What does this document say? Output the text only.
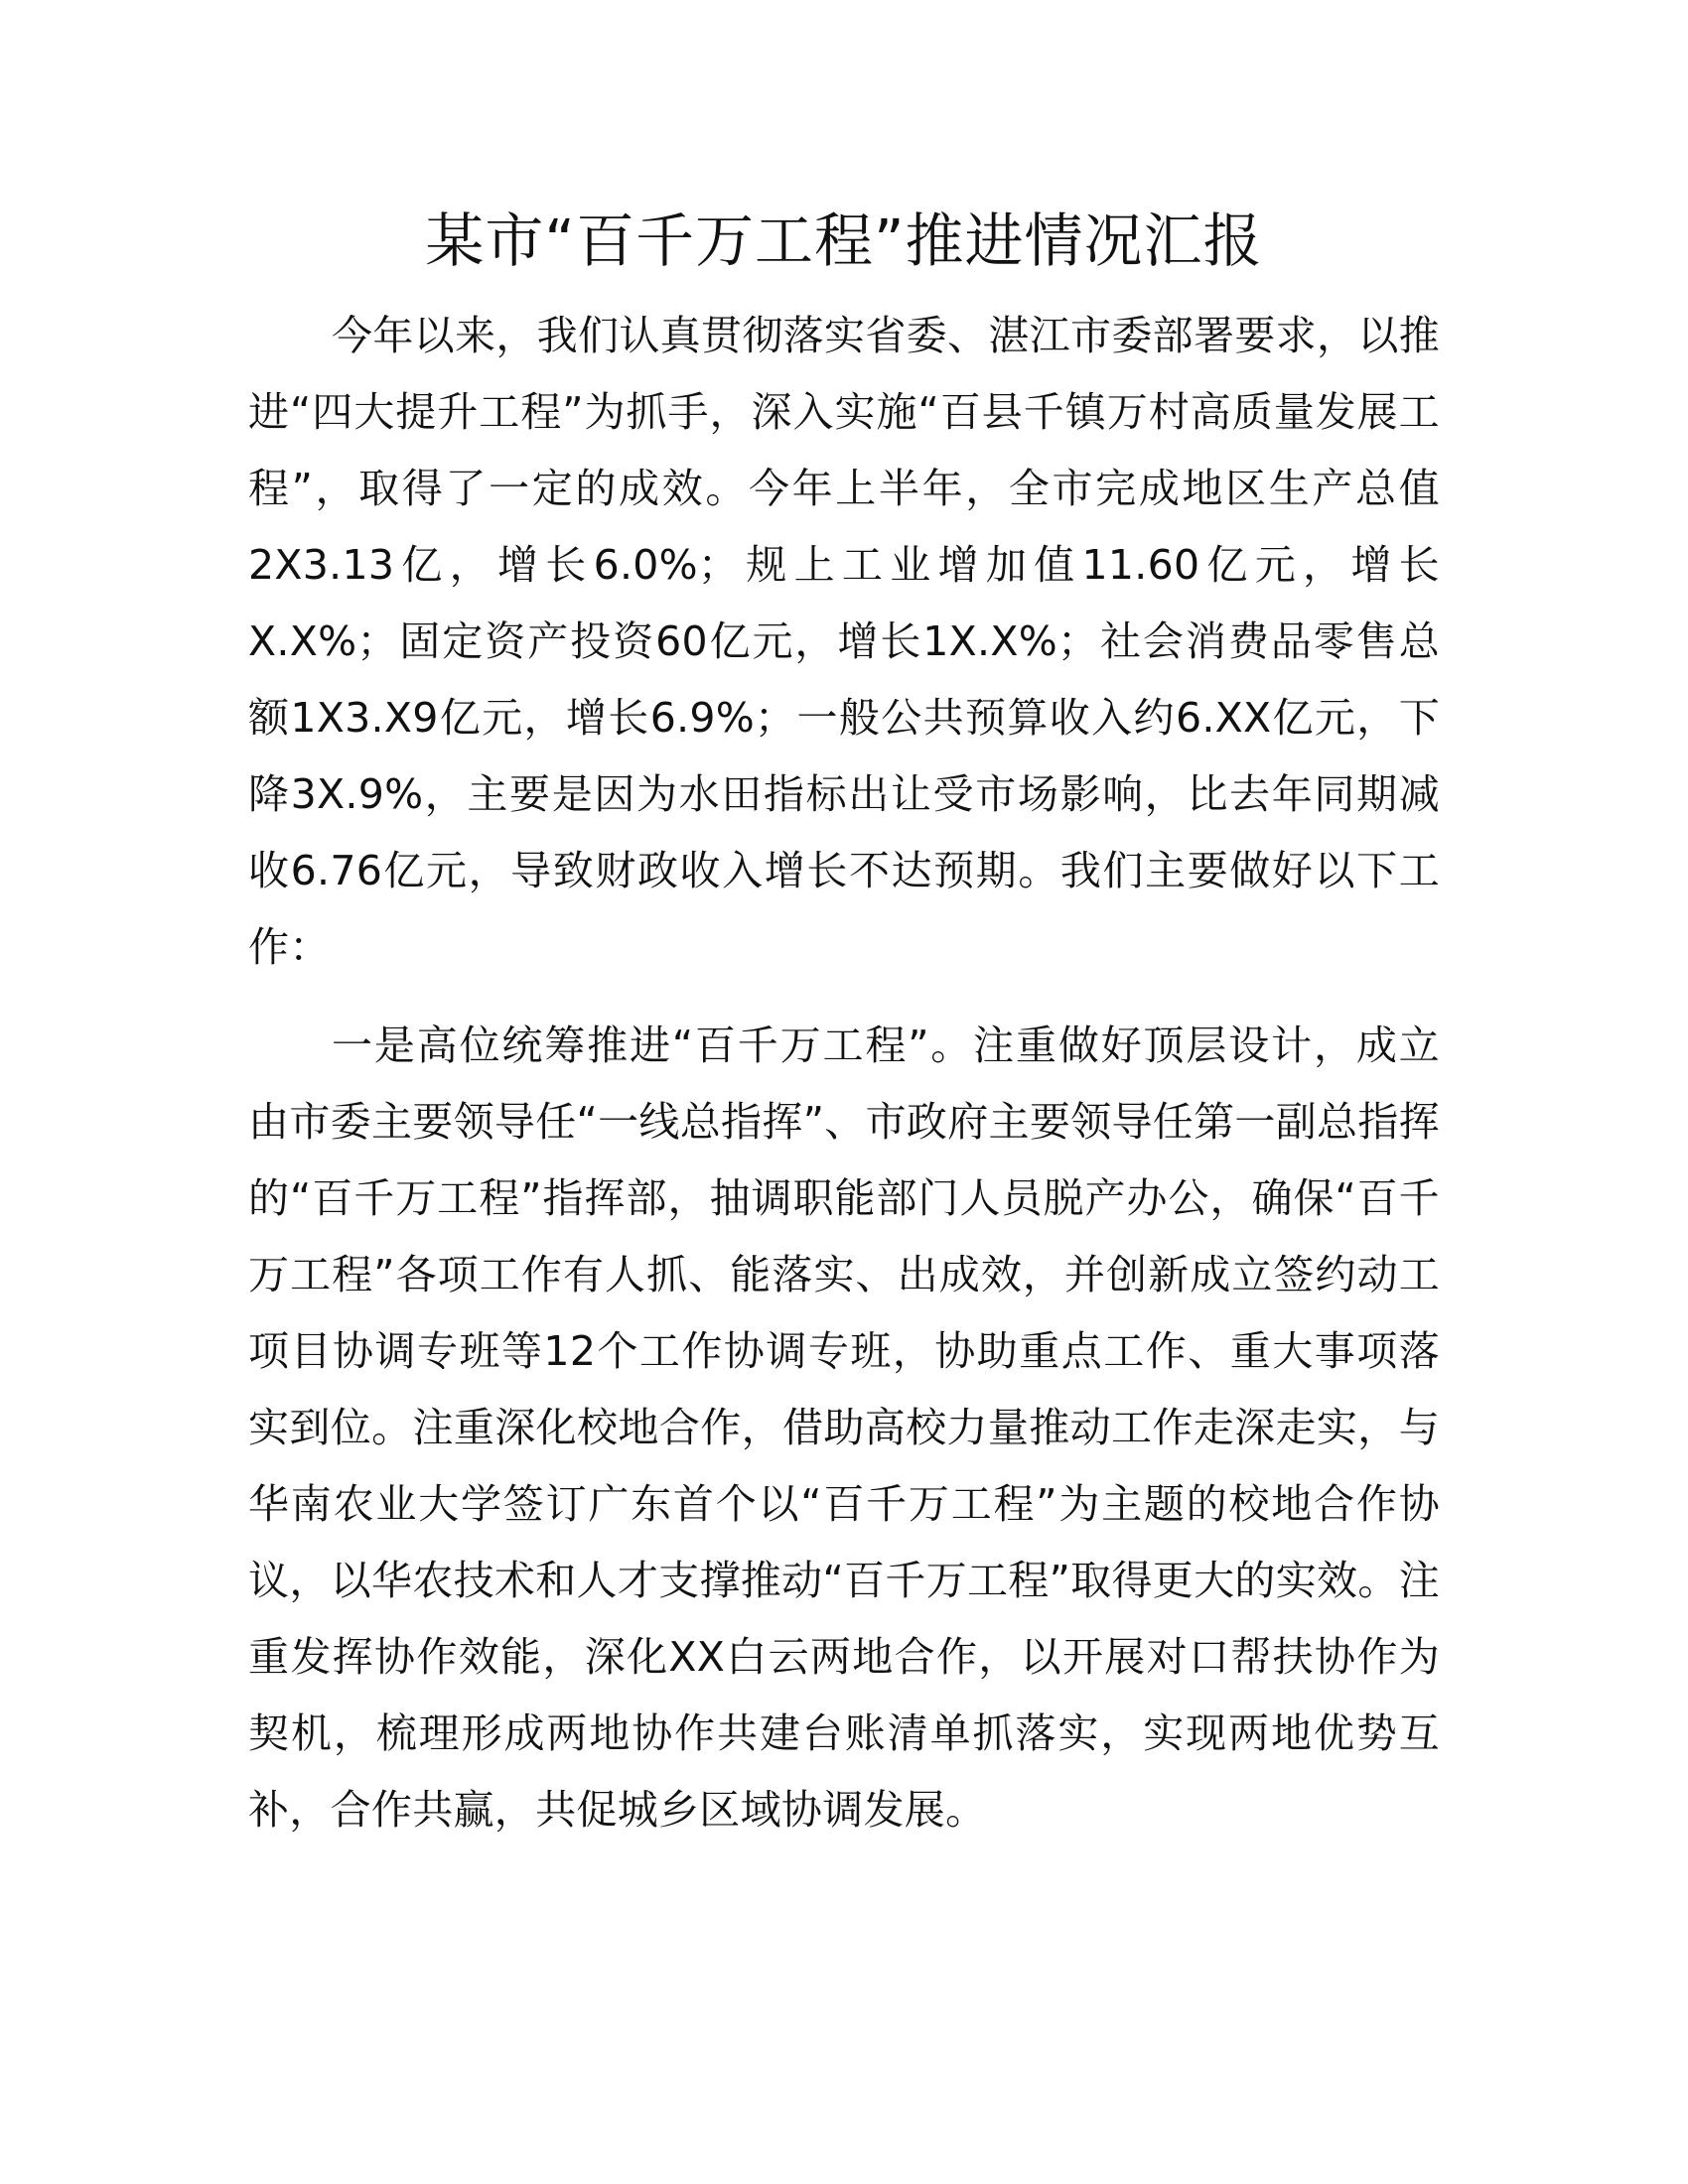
某市“百千万工程”推进情况汇报

今年以来，我们认真贯彻落实省委、湛江市委部署要求，以推进“四大提升工程”为抓手，深入实施“百县千镇万村高质量发展工程”，取得了一定的成效。今年上半年，全市完成地区生产总值2X3.13亿，增长6.0%；规上工业增加值11.60亿元，增长X.X%；固定资产投资60亿元，增长1X.X%；社会消费品零售总额1X3.X9亿元，增长6.9%；一般公共预算收入约6.XX亿元，下降3X.9%，主要是因为水田指标出让受市场影响，比去年同期减收6.76亿元，导致财政收入增长不达预期。我们主要做好以下工作：

一是高位统筹推进“百千万工程”。注重做好顶层设计，成立由市委主要领导任“一线总指挥”、市政府主要领导任第一副总指挥的“百千万工程”指挥部，抽调职能部门人员脱产办公，确保“百千万工程”各项工作有人抓、能落实、出成效，并创新成立签约动工项目协调专班等12个工作协调专班，协助重点工作、重大事项落实到位。注重深化校地合作，借助高校力量推动工作走深走实，与华南农业大学签订广东首个以“百千万工程”为主题的校地合作协议，以华农技术和人才支撑推动“百千万工程”取得更大的实效。注重发挥协作效能，深化XX白云两地合作，以开展对口帮扶协作为契机，梳理形成两地协作共建台账清单抓落实，实现两地优势互补，合作共赢，共促城乡区域协调发展。
